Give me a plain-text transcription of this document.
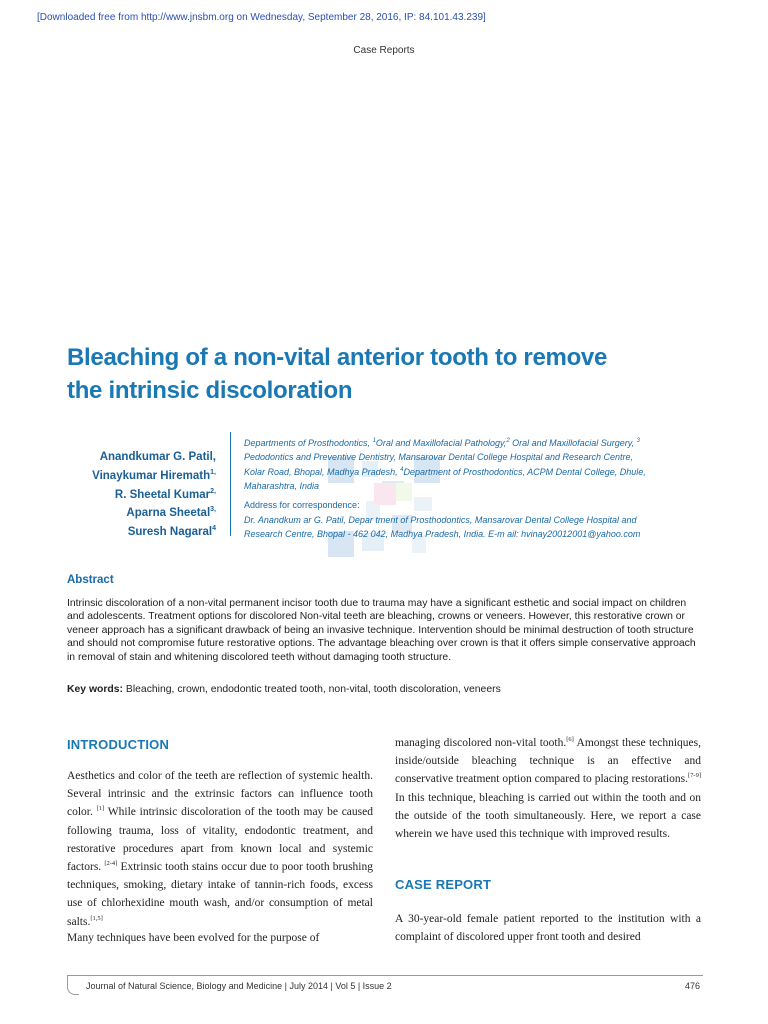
[Downloaded free from http://www.jnsbm.org on Wednesday, September 28, 2016, IP: 84.101.43.239]
Case Reports
Bleaching of a non-vital anterior tooth to remove
the intrinsic discoloration
Anandkumar G. Patil,
Vinaykumar Hiremath$^{1,}$
R. Sheetal Kumar$^{2,}$
Aparna Sheetal$^{3,}$
Suresh Nagaral$^4$
Departments of Prosthodontics, $^1$Oral and Maxillofacial Pathology,$^2$ Oral and Maxillofacial Surgery, $^3$
Pedodontics and Preventive Dentistry, Mansarovar Dental College Hospital and Research Centre,
Kolar Road, Bhopal, Madhya Pradesh, $^4$Department of Prosthodontics, ACPM Dental College, Dhule,
Maharashtra, India
Address for correspondence:
Dr. Anandkum ar G. Patil, Depar tment of Prosthodontics, Mansarovar Dental College Hospital and
Research Centre, Bhopal - 462 042, Madhya Pradesh, India. E-m ail: hvinay20012001@yahoo.com
Abstract
Intrinsic discoloration of a non-vital permanent incisor tooth due to trauma may have a significant esthetic and social impact on children and adolescents. Treatment options for discolored Non-vital teeth are bleaching, crowns or veneers. However, this restorative crown or veneer approach has a significant drawback of being an invasive technique. Intervention should be minimal destruction of tooth structure and should not compromise future restorative options. The advantage bleaching over crown is that it offers simple conservative approach in removal of stain and whitening discolored teeth without damaging tooth structure.
Key words: Bleaching, crown, endodontic treated tooth, non-vital, tooth discoloration, veneers
INTRODUCTION
Aesthetics and color of the teeth are reflection of systemic health. Several intrinsic and the extrinsic factors can influence tooth color. [1] While intrinsic discoloration of the tooth may be caused following trauma, loss of vitality, endodontic treatment, and restorative procedures apart from known local and systemic factors. [2-4] Extrinsic tooth stains occur due to poor tooth brushing techniques, smoking, dietary intake of tannin-rich foods, excess use of chlorhexidine mouth wash, and/or consumption of metal salts.[1,5]
Many techniques have been evolved for the purpose of
managing discolored non-vital tooth.[6] Amongst these techniques, inside/outside bleaching technique is an effective and conservative treatment option compared to placing restorations.[7-9] In this technique, bleaching is carried out within the tooth and on the outside of the tooth simultaneously. Here, we report a case wherein we have used this technique with improved results.
CASE REPORT
A 30-year-old female patient reported to the institution with a complaint of discolored upper front tooth and desired
Journal of Natural Science, Biology and Medicine | July 2014 | Vol 5 | Issue 2	476
